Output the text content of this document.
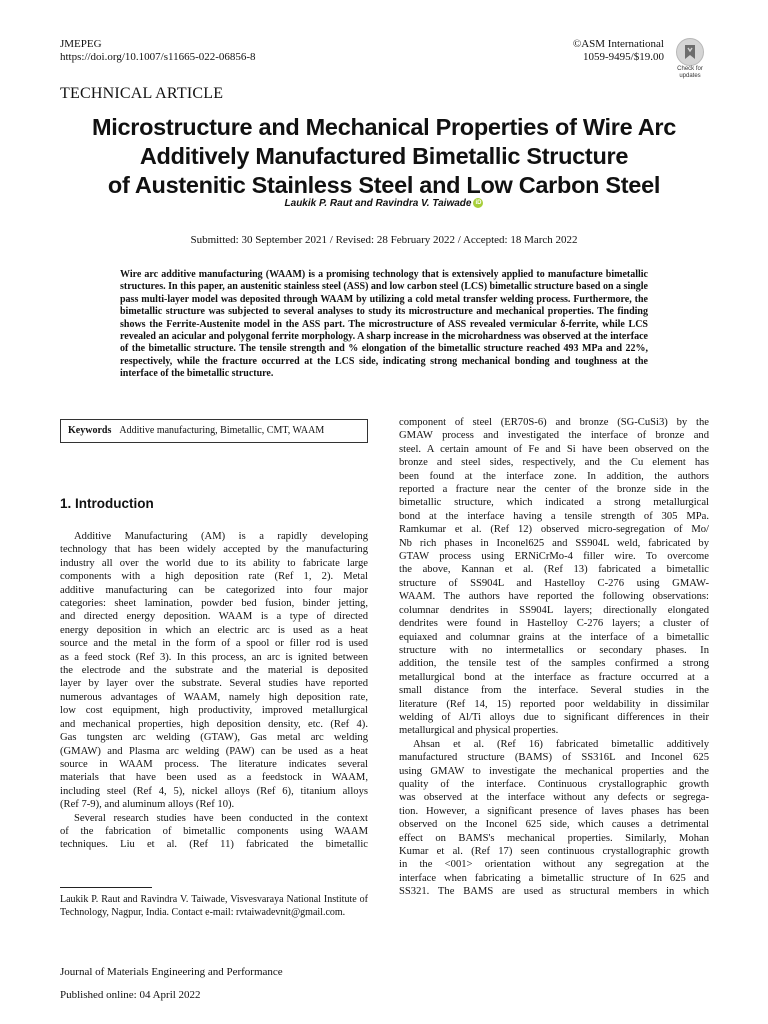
JMEPEG
https://doi.org/10.1007/s11665-022-06856-8
©ASM International
1059-9495/$19.00
Check for
updates
TECHNICAL ARTICLE
Microstructure and Mechanical Properties of Wire Arc
Additively Manufactured Bimetallic Structure
of Austenitic Stainless Steel and Low Carbon Steel
Laukik P. Raut and Ravindra V. Taiwade iD
Submitted: 30 September 2021 / Revised: 28 February 2022 / Accepted: 18 March 2022
Wire arc additive manufacturing (WAAM) is a promising technology that is extensively applied to manufacture bimetallic structures. In this paper, an austenitic stainless steel (ASS) and low carbon steel (LCS) bimetallic structure based on a single pass multi-layer model was deposited through WAAM by utilizing a cold metal transfer welding process. Furthermore, the bimetallic structure was subjected to several analyses to study its microstructure and mechanical properties. The finding shows the Ferrite-Austenite model in the ASS part. The microstructure of ASS revealed vermicular δ-ferrite, while LCS revealed an acicular and polygonal ferrite morphology. A sharp increase in the microhardness was observed at the interface of the bimetallic structure. The tensile strength and % elongation of the bimetallic structure reached 493 MPa and 22%, respectively, while the fracture occurred at the LCS side, indicating strong mechanical bonding and toughness at the interface of the bimetallic structure.
Keywords Additive manufacturing, Bimetallic, CMT, WAAM
1. Introduction
Additive Manufacturing (AM) is a rapidly developing
technology that has been widely accepted by the manufacturing
industry all over the world due to its ability to fabricate large
components with a high deposition rate (Ref 1, 2). Metal
additive manufacturing can be categorized into four major
categories: sheet lamination, powder bed fusion, binder jetting,
and directed energy deposition. WAAM is a type of directed
energy deposition in which an electric arc is used as a heat
source and the metal in the form of a spool or filler rod is used
as a feed stock (Ref 3). In this process, an arc is ignited between
the electrode and the substrate and the material is deposited
layer by layer over the substrate. Several studies have reported
numerous advantages of WAAM, namely high deposition rate,
low cost equipment, high productivity, improved metallurgical
and mechanical properties, high deposition density, etc. (Ref 4).
Gas tungsten arc welding (GTAW), Gas metal arc welding
(GMAW) and Plasma arc welding (PAW) can be used as a heat
source in WAAM process. The literature indicates several
materials that have been used as a feedstock in WAAM,
including steel (Ref 4, 5), nickel alloys (Ref 6), titanium alloys
(Ref 7-9), and aluminum alloys (Ref 10).
Several research studies have been conducted in the context
of the fabrication of bimetallic components using WAAM
techniques. Liu et al. (Ref 11) fabricated the bimetallic
component of steel (ER70S-6) and bronze (SG-CuSi3) by the
GMAW process and investigated the interface of bronze and
steel. A certain amount of Fe and Si have been observed on the
bronze and steel sides, respectively, and the Cu element has
been found at the interface zone. In addition, the authors
reported a fracture near the center of the bronze side in the
bimetallic structure, which indicated a strong metallurgical
bond at the interface having a tensile strength of 305 MPa.
Ramkumar et al. (Ref 12) observed micro-segregation of Mo/
Nb rich phases in Inconel625 and SS904L weld, fabricated by
GTAW process using ERNiCrMo-4 filler wire. To overcome
the above, Kannan et al. (Ref 13) fabricated a bimetallic
structure of SS904L and Hastelloy C-276 using GMAW-
WAAM. The authors have reported the following observations:
columnar dendrites in SS904L layers; directionally elongated
dendrites were found in Hastelloy C-276 layers; a cluster of
equiaxed and columnar grains at the interface of a bimetallic
structure with no intermetallics or secondary phases. In
addition, the tensile test of the samples confirmed a strong
metallurgical bond at the interface as fracture occurred at a
small distance from the interface. Several studies in the
literature (Ref 14, 15) reported poor weldability in dissimilar
welding of Al/Ti alloys due to significant differences in their
metallurgical and physical properties.
Ahsan et al. (Ref 16) fabricated bimetallic additively
manufactured structure (BAMS) of SS316L and Inconel 625
using GMAW to investigate the mechanical properties and the
quality of the interface. Continuous crystallographic growth
was observed at the interface without any defects or segrega-
tion. However, a significant presence of laves phases has been
observed on the Inconel 625 side, which causes a detrimental
effect on BAMS's mechanical properties. Similarly, Mohan
Kumar et al. (Ref 17) seen continuous crystallographic growth
in the <001> orientation without any segregation at the
interface when fabricating a bimetallic structure of In 625 and
SS321. The BAMS are used as structural members in which
Laukik P. Raut and Ravindra V. Taiwade, Visvesvaraya National Institute of Technology, Nagpur, India. Contact e-mail: rvtaiwadevnit@gmail.com.
Journal of Materials Engineering and Performance
Published online: 04 April 2022
